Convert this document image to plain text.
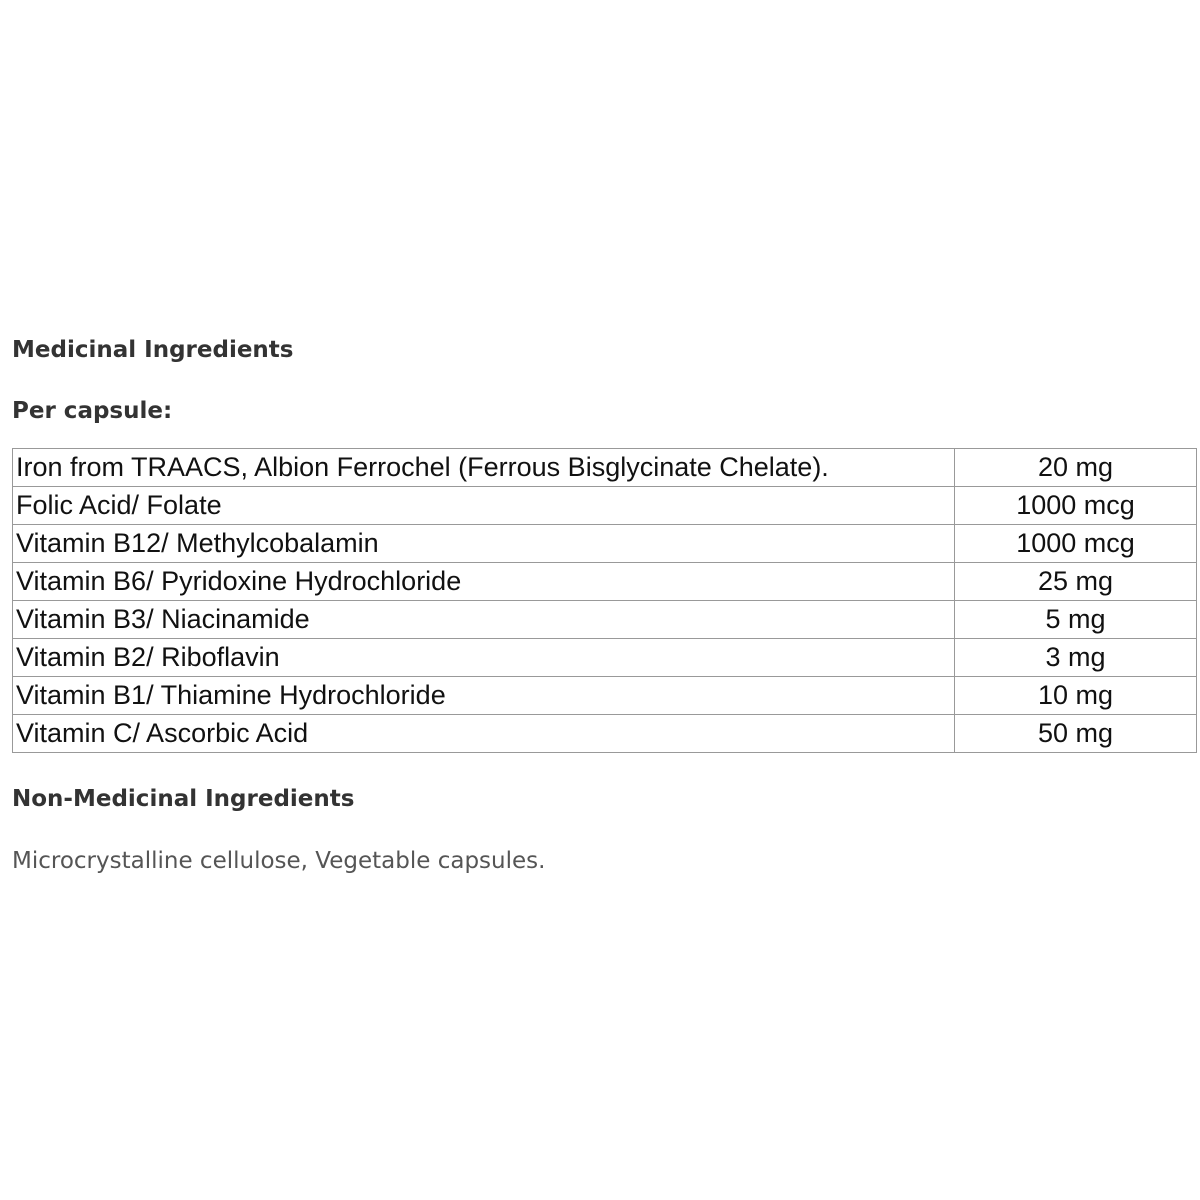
Medicinal Ingredients
Per capsule:
Iron from TRAACS, Albion Ferrochel (Ferrous Bisglycinate Chelate).	20 mg
Folic Acid/ Folate	1000 mcg
Vitamin B12/ Methylcobalamin	1000 mcg
Vitamin B6/ Pyridoxine Hydrochloride	25 mg
Vitamin B3/ Niacinamide	5 mg
Vitamin B2/ Riboflavin	3 mg
Vitamin B1/ Thiamine Hydrochloride	10 mg
Vitamin C/ Ascorbic Acid	50 mg
Non-Medicinal Ingredients
Microcrystalline cellulose, Vegetable capsules.
